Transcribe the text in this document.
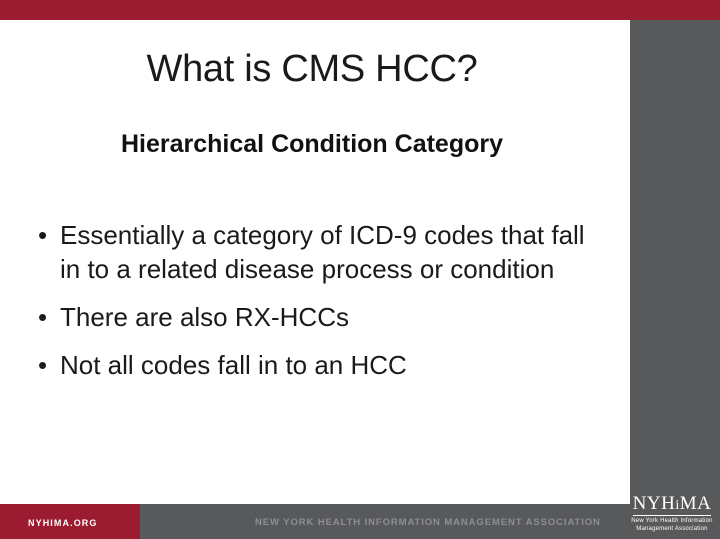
NYHiMA
New York Health Information
Management Association
What is CMS HCC?
Hierarchical Condition Category
• Essentially a category of ICD-9 codes that fall in to a related disease process or condition
• There are also RX-HCCs
• Not all codes fall in to an HCC
NYHIMA.ORG	NEW YORK HEALTH INFORMATION MANAGEMENT ASSOCIATION
